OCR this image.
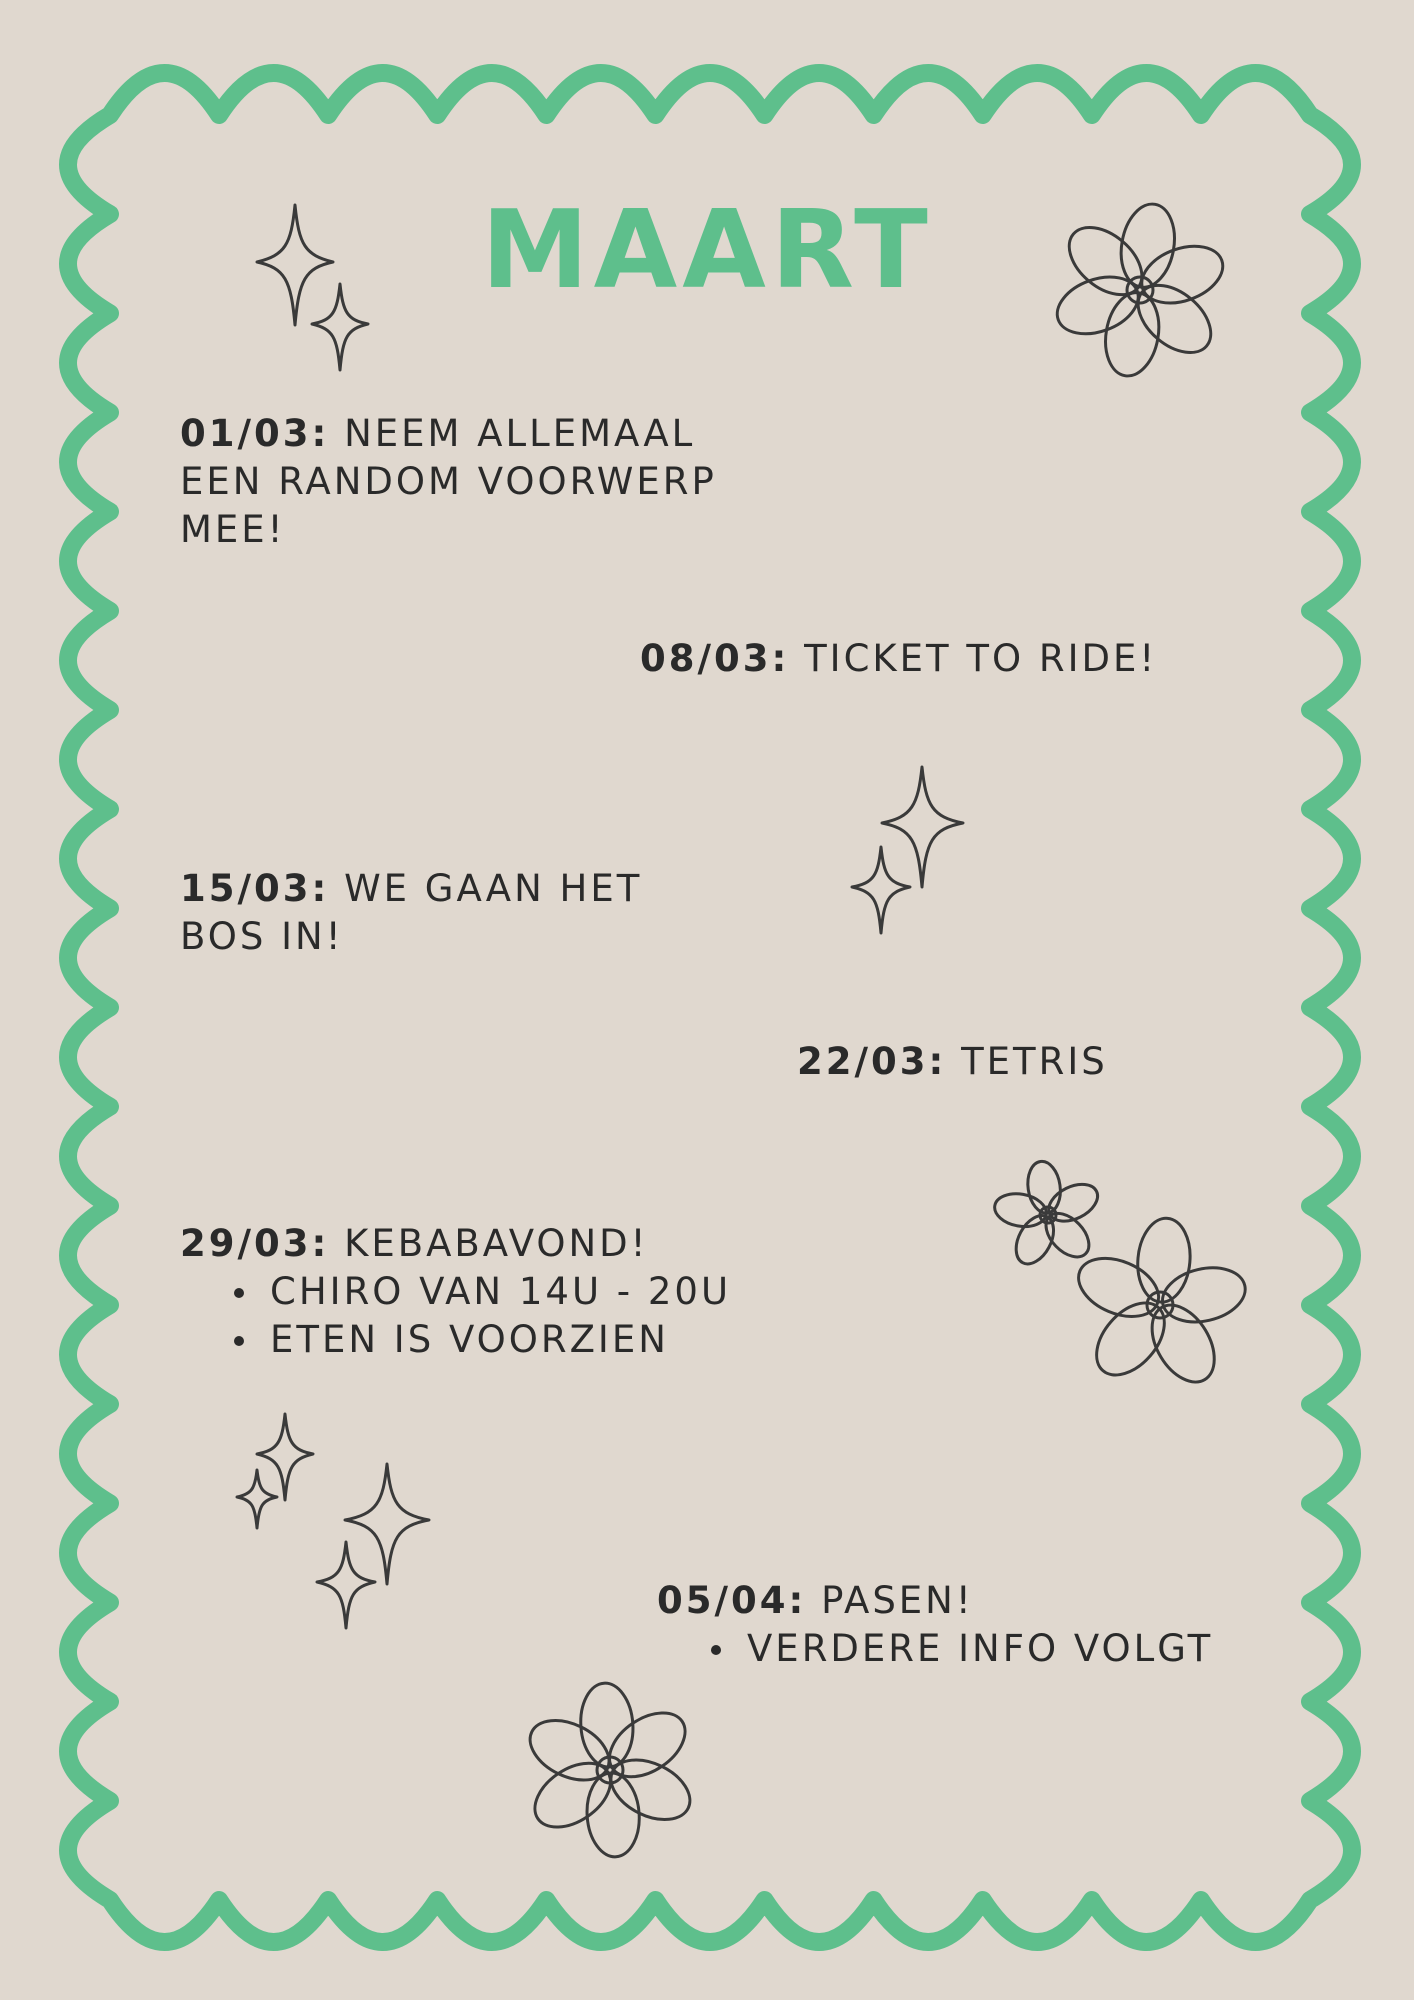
MAART
01/03: NEEM ALLEMAAL EEN RANDOM VOORWERP MEE!
08/03: TICKET TO RIDE!
15/03: WE GAAN HET BOS IN!
22/03: TETRIS
29/03: KEBABAVOND!
CHIRO VAN 14U - 20U
ETEN IS VOORZIEN
05/04: PASEN!
VERDERE INFO VOLGT
